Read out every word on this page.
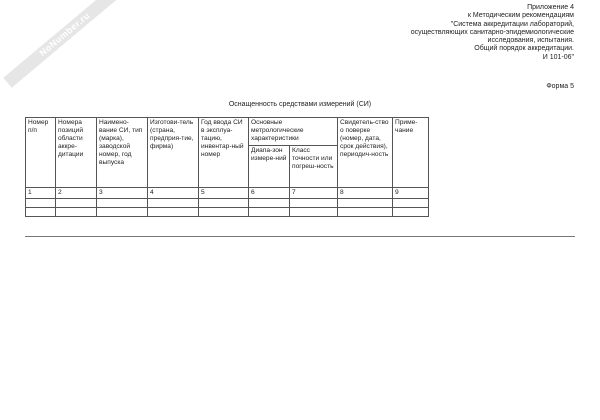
NoNumber.ru
Приложение 4
к Методическим рекомендациям
"Система аккредитации лабораторий,
осуществляющих санитарно-эпидемиологические
исследования, испытания.
Общий порядок аккредитации.
И 101-06"
Форма 5
Оснащенность средствами измерений (СИ)
Номер п/п	Номера позиций области аккре-дитации	Наимено-вание СИ, тип (марка), заводской номер, год выпуска	Изготови-тель (страна, предприя-тие, фирма)	Год ввода СИ в эксплуа-тацию, инвентар-ный номер	Основные метрологические характеристики		Свидетель-ство о поверке (номер, дата, срок действия), периодич-ность	Приме-чание
					Диапа-зон измере-ний	Класс точности или погреш-ность		
1	2	3	4	5	6	7	8	9
